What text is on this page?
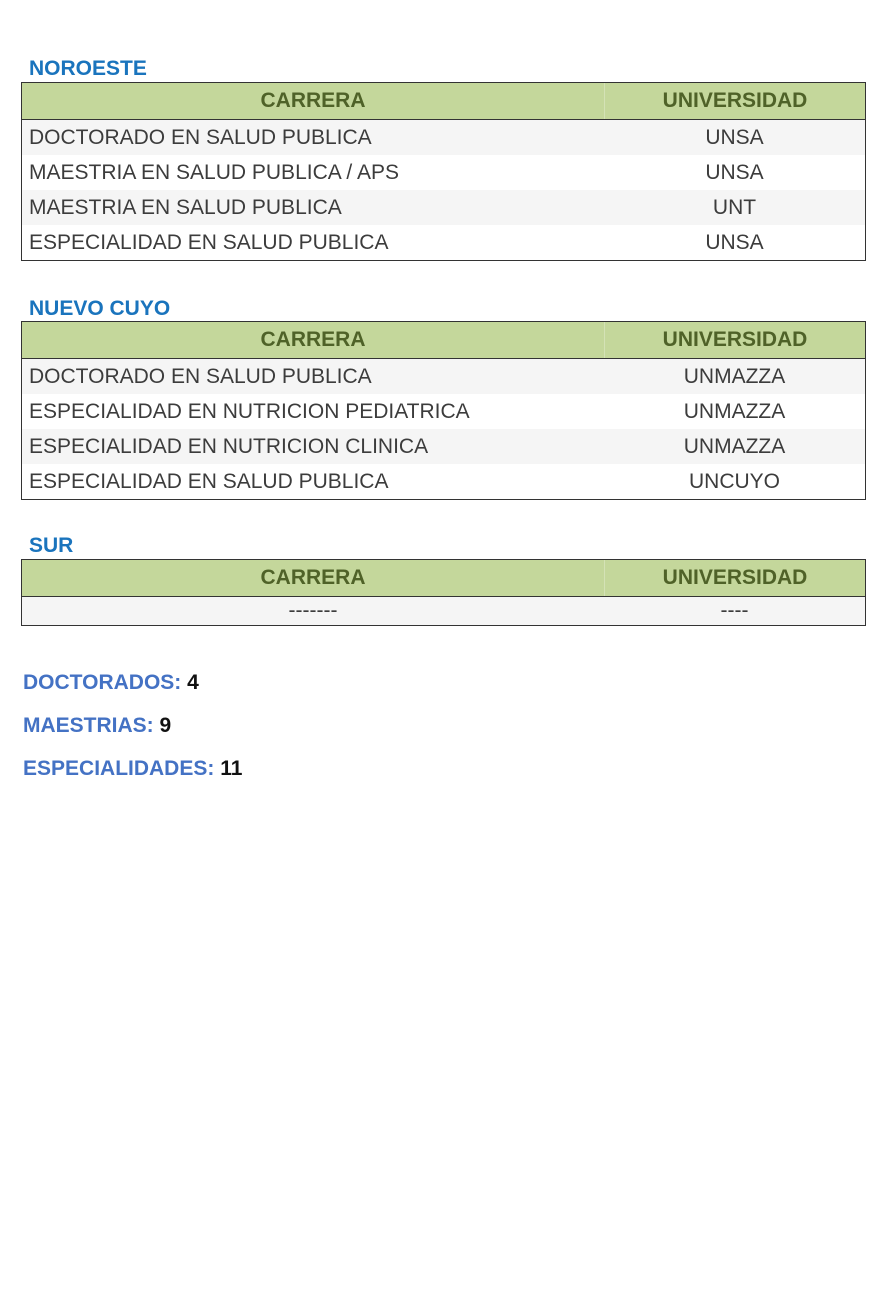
NOROESTE
CARRERA	UNIVERSIDAD
DOCTORADO EN SALUD PUBLICA	UNSA
MAESTRIA EN SALUD PUBLICA / APS	UNSA
MAESTRIA EN SALUD PUBLICA	UNT
ESPECIALIDAD EN SALUD PUBLICA	UNSA
NUEVO CUYO
CARRERA	UNIVERSIDAD
DOCTORADO EN SALUD PUBLICA	UNMAZZA
ESPECIALIDAD EN NUTRICION PEDIATRICA	UNMAZZA
ESPECIALIDAD EN NUTRICION CLINICA	UNMAZZA
ESPECIALIDAD EN SALUD PUBLICA	UNCUYO
SUR
CARRERA	UNIVERSIDAD
-------	----

DOCTORADOS: 4

MAESTRIAS: 9

ESPECIALIDADES: 11
